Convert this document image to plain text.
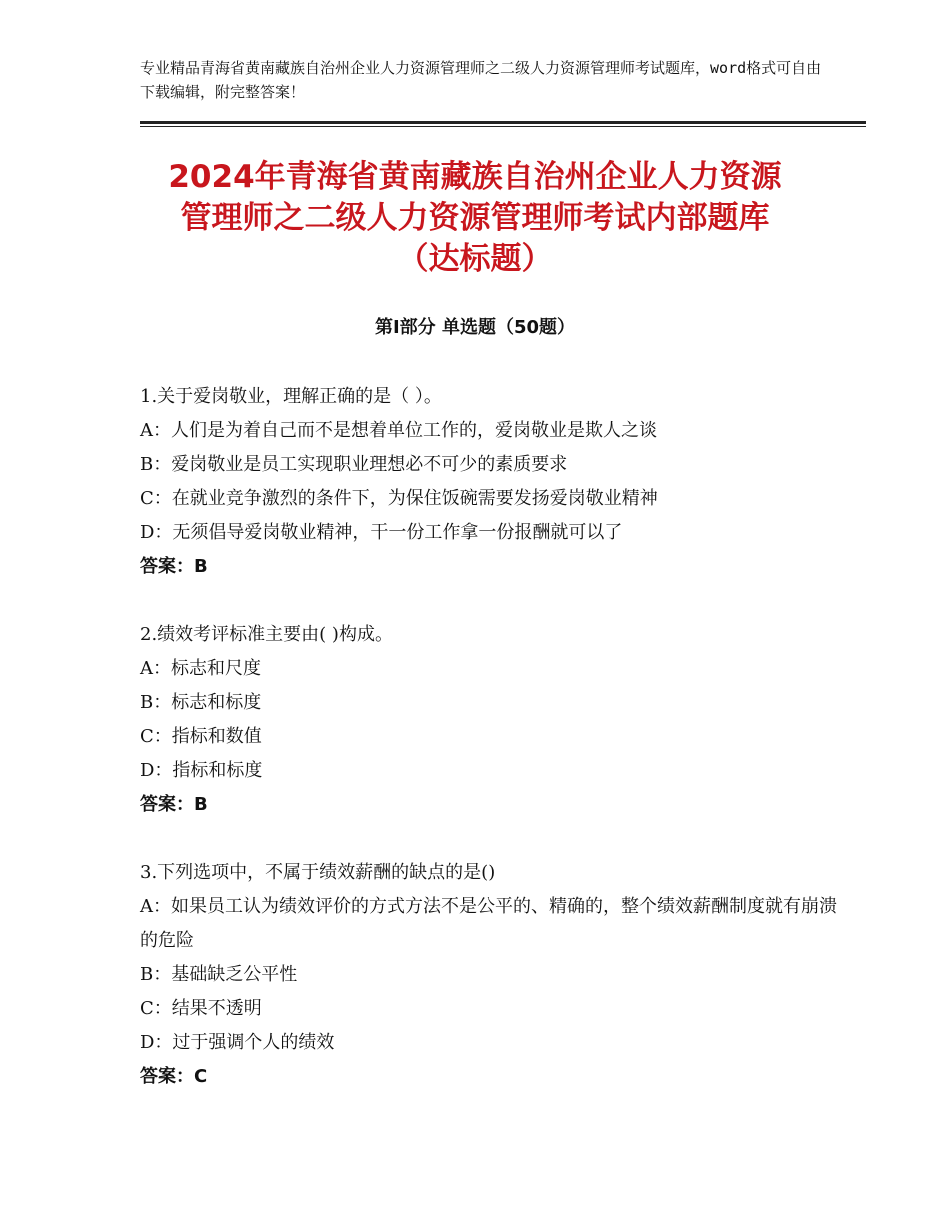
专业精品青海省黄南藏族自治州企业人力资源管理师之二级人力资源管理师考试题库，word格式可自由下载编辑，附完整答案！
2024年青海省黄南藏族自治州企业人力资源
管理师之二级人力资源管理师考试内部题库
（达标题）
第Ⅰ部分 单选题（50题）
1.关于爱岗敬业，理解正确的是（ ）。
A：人们是为着自己而不是想着单位工作的，爱岗敬业是欺人之谈
B：爱岗敬业是员工实现职业理想必不可少的素质要求
C：在就业竞争激烈的条件下，为保住饭碗需要发扬爱岗敬业精神
D：无须倡导爱岗敬业精神，干一份工作拿一份报酬就可以了
答案：B
2.绩效考评标准主要由( )构成。
A：标志和尺度
B：标志和标度
C：指标和数值
D：指标和标度
答案：B
3.下列选项中，不属于绩效薪酬的缺点的是()
A：如果员工认为绩效评价的方式方法不是公平的、精确的，整个绩效薪酬制度就有崩溃的危险
B：基础缺乏公平性
C：结果不透明
D：过于强调个人的绩效
答案：C
